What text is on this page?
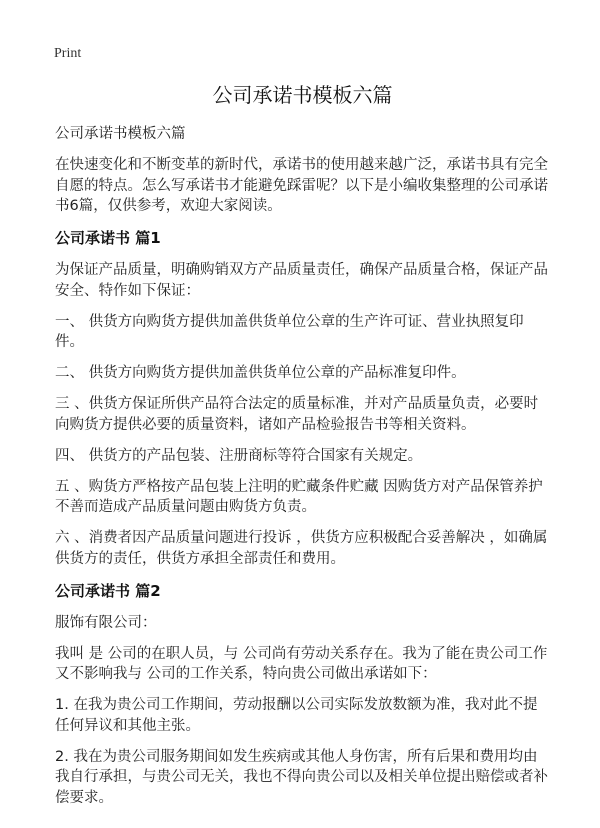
Print
公司承诺书模板六篇

公司承诺书模板六篇

在快速变化和不断变革的新时代，承诺书的使用越来越广泛，承诺书具有完全自愿的特点。怎么写承诺书才能避免踩雷呢？以下是小编收集整理的公司承诺书6篇，仅供参考，欢迎大家阅读。

公司承诺书 篇1

为保证产品质量，明确购销双方产品质量责任，确保产品质量合格，保证产品安全、特作如下保证：

一、 供货方向购货方提供加盖供货单位公章的生产许可证、营业执照复印件。

二、 供货方向购货方提供加盖供货单位公章的产品标准复印件。

三 、供货方保证所供产品符合法定的质量标准，并对产品质量负责，必要时向购货方提供必要的质量资料，诸如产品检验报告书等相关资料。

四、 供货方的产品包装、注册商标等符合国家有关规定。

五 、购货方严格按产品包装上注明的贮藏条件贮藏 因购货方对产品保管养护不善而造成产品质量问题由购货方负责。

六 、消费者因产品质量问题进行投诉 ，供货方应积极配合妥善解决 ，如确属供货方的责任，供货方承担全部责任和费用。

公司承诺书 篇2

服饰有限公司：

我叫 是 公司的在职人员，与 公司尚有劳动关系存在。我为了能在贵公司工作又不影响我与 公司的工作关系，特向贵公司做出承诺如下：

1. 在我为贵公司工作期间，劳动报酬以公司实际发放数额为准，我对此不提任何异议和其他主张。

2. 我在为贵公司服务期间如发生疾病或其他人身伤害，所有后果和费用均由我自行承担，与贵公司无关，我也不得向贵公司以及相关单位提出赔偿或者补偿要求。
